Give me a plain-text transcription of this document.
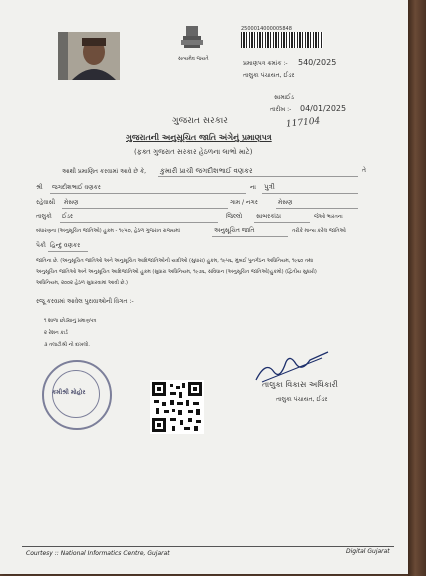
સત્યમેવ જયતે
2500014000005848
પ્રમાણપત્ર ક્રમાંક :- 540/2025
તાલુકા પંચાયત, ઈડર
સામાઈડ
તારીખ :- 04/01/2025
117104
ગુજરાત સરકાર
ગુજરાતની અનુસૂચિત જાતિ અંગેનું પ્રમાણપત્ર
(ફક્ત ગુજરાત સરકાર હેઠળના લાભો માટે)
આથી પ્રમાણિત કરવામાં આવે છે કે, કુમારી પ્રાચી જગદીશભાઈ વણકર	તે
શ્રી જગદીશભાઈ વણકર	ના પુત્રી
રહેવાસી મેસણ	ગામ / નગર	મેસણ
તાલુકો ઈડર	જિલ્લો સાબરકાંઠા	જેઓ ભારતના
બંધારણના (અનુસૂચિત જાતિઓ) હુકમ - ૧૯૫૦, હેઠળ ગુજરાત રાજ્યમાં	અનુસૂચિત જાતિ	તરીકે માન્ય કરેલ જાતિઓ
પૈકી હિન્દુ વણકર
જાતિના છે. (અનુસૂચિત જાતિઓ અને અનુસૂચિત આદિજાતિઓની યાદીઓ (સુધારા) હુકમ, ૧૯૫૬, મુંબઈ પુનર્ગઠન અધિનિયમ, ૧૯૬૦ તથા
અનુસૂચિત જાતિઓ અને અનુસૂચિત આદિજાતિઓ હુકમ (સુધારા અધિનિયમ, ૧૯૭૬, સંવિધાન (અનુસૂચિત જાતિઓ)હુકમો) (દ્વિતીય સુધારો)
અધિનિયમ, ૨૦૦૨ હેઠળ સુધારવામાં આવી છે.)
રજૂ કરવામાં આવેલ પુરાવાઓની વિગત :-
૧ શાળા છોડ્યાનું પ્રમાણપત્ર
૨ રેશન કાર્ડ
૩ તલાટીશ્રી નો દાખલો.
કમીશ્રી મોહોર
તાલુકા વિકાસ અધિકારી
તાલુકા પંચાયત, ઈડર
Courtesy :: National Informatics Centre, Gujarat	Digital Gujarat
